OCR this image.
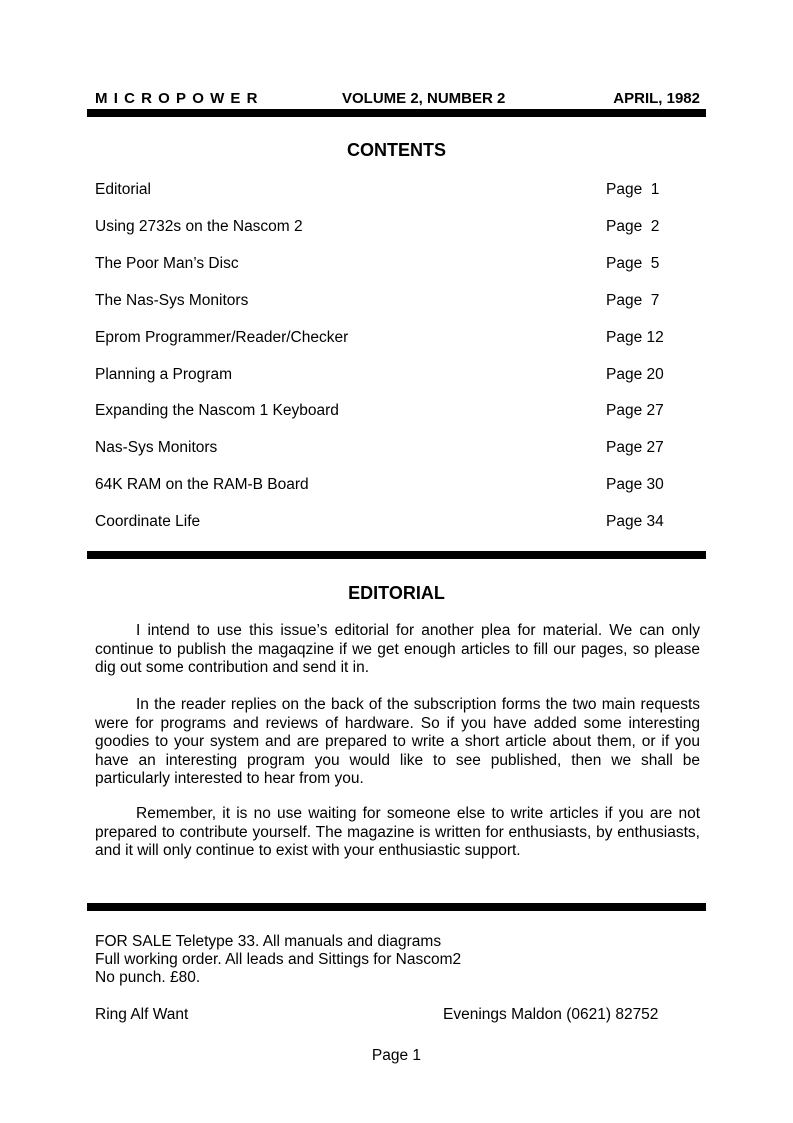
MICROPOWER	VOLUME 2, NUMBER 2	APRIL, 1982
CONTENTS
Editorial	Page  1
Using 2732s on the Nascom 2	Page  2
The Poor Man’s Disc	Page  5
The Nas-Sys Monitors	Page  7
Eprom Programmer/Reader/Checker	Page 12
Planning a Program	Page 20
Expanding the Nascom 1 Keyboard	Page 27
Nas-Sys Monitors	Page 27
64K RAM on the RAM-B Board	Page 30
Coordinate Life	Page 34
EDITORIAL
I intend to use this issue’s editorial for another plea for material. We can only continue to publish the magaqzine if we get enough articles to fill our pages, so please dig out some contribution and send it in.
In the reader replies on the back of the subscription forms the two main requests were for programs and reviews of hardware. So if you have added some interesting goodies to your system and are prepared to write a short article about them, or if you have an interesting program you would like to see published, then we shall be particularly interested to hear from you.
Remember, it is no use waiting for someone else to write articles if you are not prepared to contribute yourself. The magazine is written for enthusiasts, by enthusiasts, and it will only continue to exist with your enthusiastic support.
FOR SALE Teletype 33. All manuals and diagrams
Full working order. All leads and Sittings for Nascom2
No punch. £80.
Ring Alf Want	Evenings Maldon (0621) 82752
Page 1
